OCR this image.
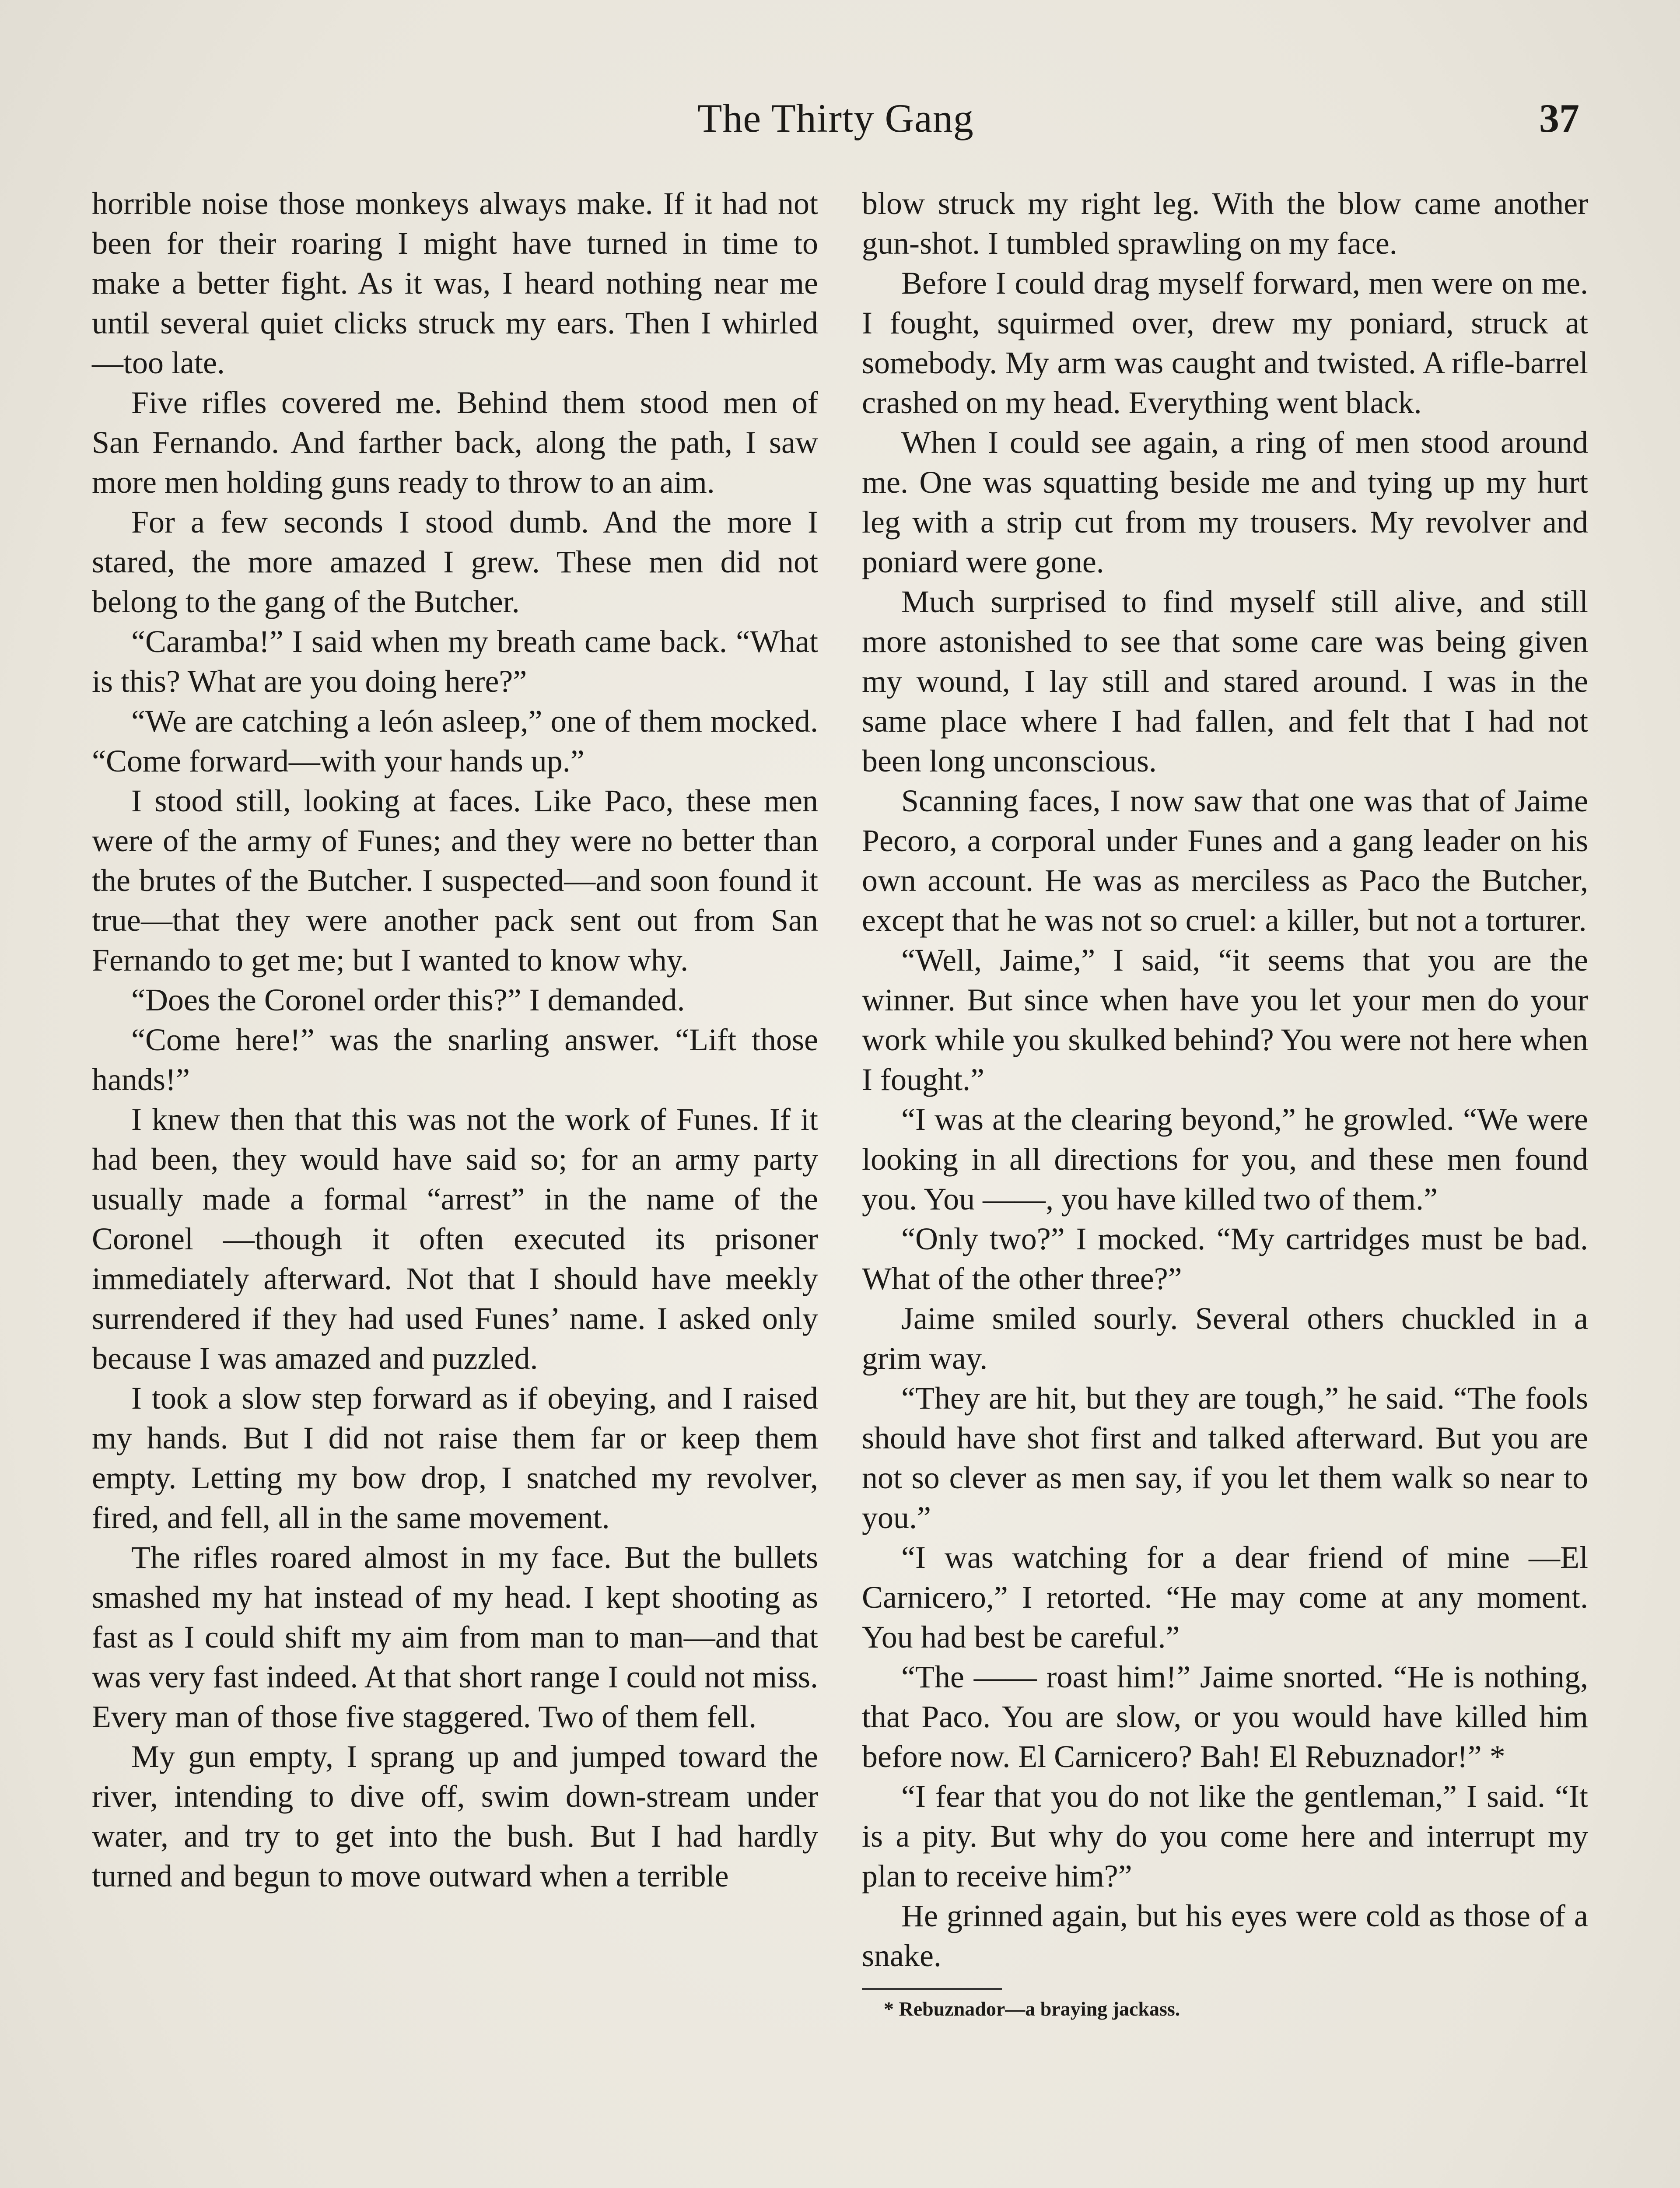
The Thirty Gang	37

horrible noise those monkeys always make. If it had not been for their roaring I might have turned in time to make a better fight. As it was, I heard nothing near me until several quiet clicks struck my ears. Then I whirled—too late.

Five rifles covered me. Behind them stood men of San Fernando. And farther back, along the path, I saw more men holding guns ready to throw to an aim.

For a few seconds I stood dumb. And the more I stared, the more amazed I grew. These men did not belong to the gang of the Butcher.

“Caramba!” I said when my breath came back. “What is this? What are you doing here?”

“We are catching a león asleep,” one of them mocked. “Come forward—with your hands up.”

I stood still, looking at faces. Like Paco, these men were of the army of Funes; and they were no better than the brutes of the Butcher. I suspected—and soon found it true—that they were another pack sent out from San Fernando to get me; but I wanted to know why.

“Does the Coronel order this?” I demanded.

“Come here!” was the snarling answer. “Lift those hands!”

I knew then that this was not the work of Funes. If it had been, they would have said so; for an army party usually made a formal “arrest” in the name of the Coronel —though it often executed its prisoner immediately afterward. Not that I should have meekly surrendered if they had used Funes’ name. I asked only because I was amazed and puzzled.

I took a slow step forward as if obeying, and I raised my hands. But I did not raise them far or keep them empty. Letting my bow drop, I snatched my revolver, fired, and fell, all in the same movement.

The rifles roared almost in my face. But the bullets smashed my hat instead of my head. I kept shooting as fast as I could shift my aim from man to man—and that was very fast indeed. At that short range I could not miss. Every man of those five staggered. Two of them fell.

My gun empty, I sprang up and jumped toward the river, intending to dive off, swim down-stream under water, and try to get into the bush. But I had hardly turned and begun to move outward when a terrible

blow struck my right leg. With the blow came another gun-shot. I tumbled sprawling on my face.

Before I could drag myself forward, men were on me. I fought, squirmed over, drew my poniard, struck at somebody. My arm was caught and twisted. A rifle-barrel crashed on my head. Everything went black.

When I could see again, a ring of men stood around me. One was squatting beside me and tying up my hurt leg with a strip cut from my trousers. My revolver and poniard were gone.

Much surprised to find myself still alive, and still more astonished to see that some care was being given my wound, I lay still and stared around. I was in the same place where I had fallen, and felt that I had not been long unconscious.

Scanning faces, I now saw that one was that of Jaime Pecoro, a corporal under Funes and a gang leader on his own account. He was as merciless as Paco the Butcher, except that he was not so cruel: a killer, but not a torturer.

“Well, Jaime,” I said, “it seems that you are the winner. But since when have you let your men do your work while you skulked behind? You were not here when I fought.”

“I was at the clearing beyond,” he growled. “We were looking in all directions for you, and these men found you. You ——, you have killed two of them.”

“Only two?” I mocked. “My cartridges must be bad. What of the other three?”

Jaime smiled sourly. Several others chuckled in a grim way.

“They are hit, but they are tough,” he said. “The fools should have shot first and talked afterward. But you are not so clever as men say, if you let them walk so near to you.”

“I was watching for a dear friend of mine —El Carnicero,” I retorted. “He may come at any moment. You had best be careful.”

“The —— roast him!” Jaime snorted. “He is nothing, that Paco. You are slow, or you would have killed him before now. El Carnicero? Bah! El Rebuznador!” *

“I fear that you do not like the gentleman,” I said. “It is a pity. But why do you come here and interrupt my plan to receive him?”

He grinned again, but his eyes were cold as those of a snake.

* Rebuznador—a braying jackass.
